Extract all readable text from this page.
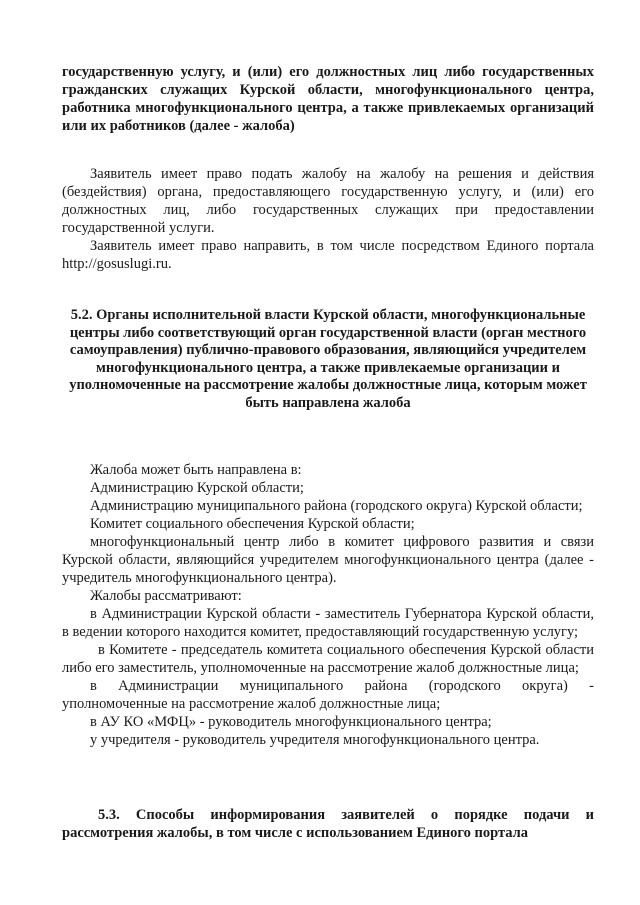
государственную услугу, и (или) его должностных лиц либо государственных гражданских служащих Курской области, многофункционального центра, работника многофункционального центра, а также привлекаемых организаций или их работников (далее - жалоба)

Заявитель имеет право подать жалобу на жалобу на решения и действия (бездействия) органа, предоставляющего государственную услугу, и (или) его должностных лиц, либо государственных служащих при предоставлении государственной услуги.

Заявитель имеет право направить, в том числе посредством Единого портала http://gosuslugi.ru.

5.2. Органы исполнительной власти Курской области, многофункциональные центры либо соответствующий орган государственной власти (орган местного самоуправления) публично-правового образования, являющийся учредителем многофункционального центра, а также привлекаемые организации и уполномоченные на рассмотрение жалобы должностные лица, которым может быть направлена жалоба

Жалоба может быть направлена в:

Администрацию Курской области;

Администрацию муниципального района (городского округа) Курской области;

Комитет социального обеспечения Курской области;

многофункциональный центр либо в комитет цифрового развития и связи Курской области, являющийся учредителем многофункционального центра (далее - учредитель многофункционального центра).

Жалобы рассматривают:

в Администрации Курской области - заместитель Губернатора Курской области, в ведении которого находится комитет, предоставляющий государственную услугу;

в Комитете - председатель комитета социального обеспечения Курской области либо его заместитель, уполномоченные на рассмотрение жалоб должностные лица;

в Администрации муниципального района (городского округа) - уполномоченные на рассмотрение жалоб должностные лица;

в АУ КО «МФЦ» - руководитель многофункционального центра;

у учредителя - руководитель учредителя многофункционального центра.

5.3. Способы информирования заявителей о порядке подачи и рассмотрения жалобы, в том числе с использованием Единого портала
